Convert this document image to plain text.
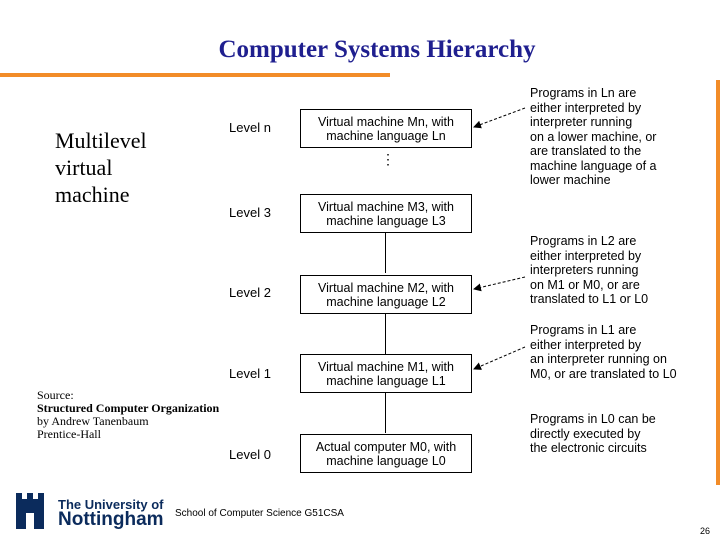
Computer Systems Hierarchy
Multilevel
virtual
machine
Source:
Structured Computer Organization
by Andrew Tanenbaum
Prentice-Hall
⋮
Level n
Level 3
Level 2
Level 1
Level 0
Virtual machine Mn, with
machine language Ln
Virtual machine M3, with
machine language L3
Virtual machine M2, with
machine language L2
Virtual machine M1, with
machine language L1
Actual computer M0, with
machine language L0
Programs in Ln are
either interpreted by
interpreter running
on a lower machine, or
are translated to the
machine language of a
lower machine
Programs in L2 are
either interpreted by
interpreters running
on M1 or M0, or are
translated to L1 or L0
Programs in L1 are
either interpreted by
an interpreter running on
M0, or are translated to L0
Programs in L0 can be
directly executed by
the electronic circuits
The University of
Nottingham School of Computer Science G51CSA
26
